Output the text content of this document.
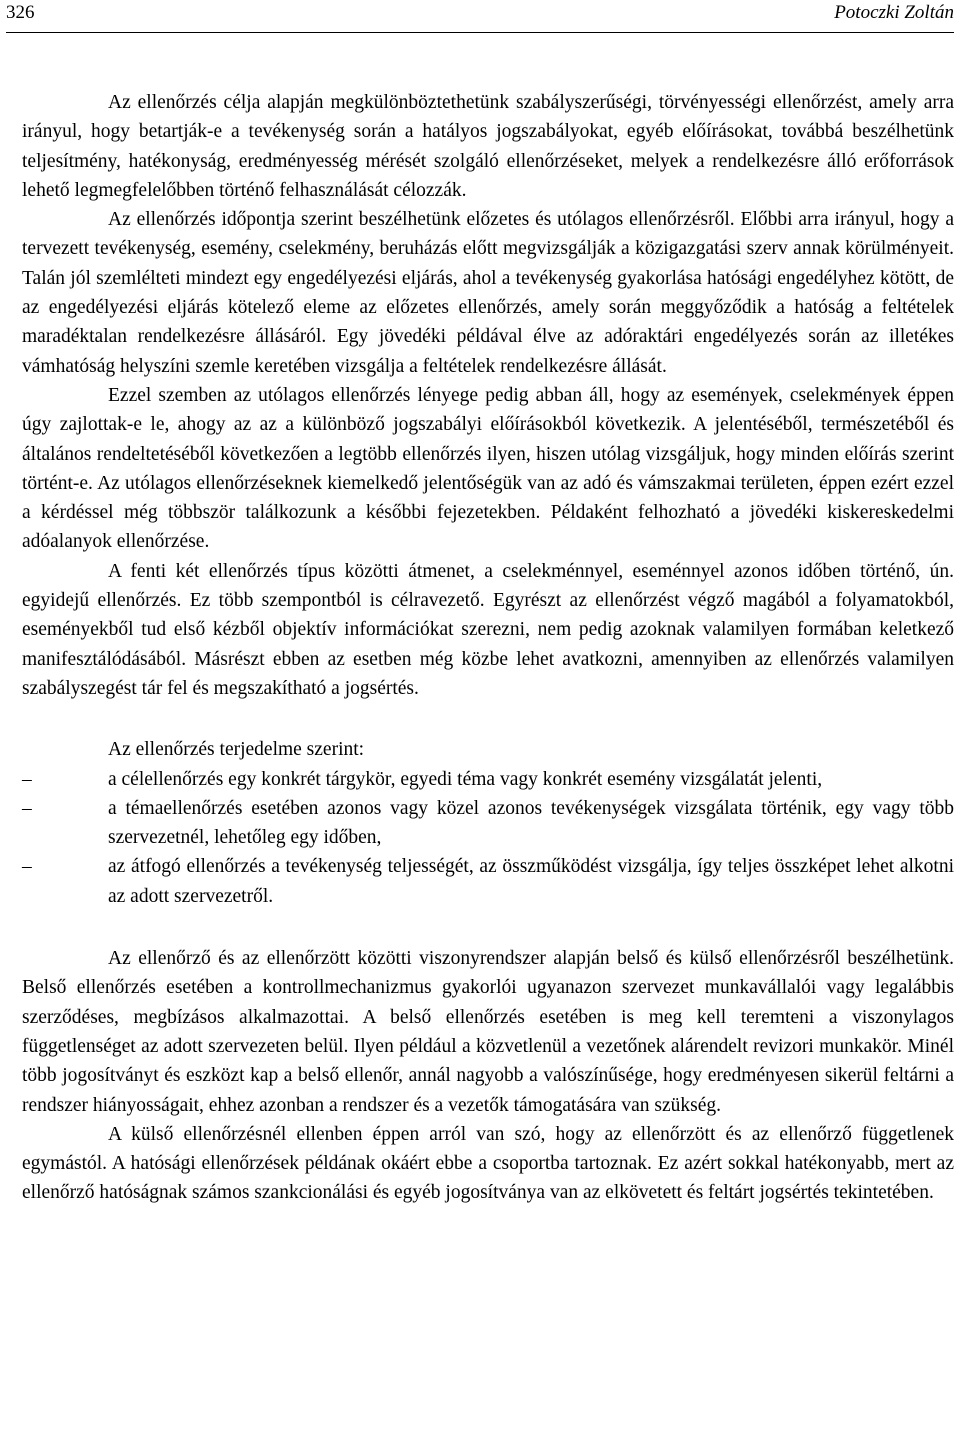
326	Potoczki Zoltán

Az ellenőrzés célja alapján megkülönböztethetünk szabályszerűségi, törvényességi ellenőrzést, amely arra irányul, hogy betartják-e a tevékenység során a hatályos jogszabályokat, egyéb előírásokat, továbbá beszélhetünk teljesítmény, hatékonyság, eredményesség mérését szolgáló ellenőrzéseket, melyek a rendelkezésre álló erőforrások lehető legmegfelelőbben történő felhasználását célozzák.

Az ellenőrzés időpontja szerint beszélhetünk előzetes és utólagos ellenőrzésről. Előbbi arra irányul, hogy a tervezett tevékenység, esemény, cselekmény, beruházás előtt megvizsgálják a közigazgatási szerv annak körülményeit. Talán jól szemlélteti mindezt egy engedélyezési eljárás, ahol a tevékenység gyakorlása hatósági engedélyhez kötött, de az engedélyezési eljárás kötelező eleme az előzetes ellenőrzés, amely során meggyőződik a hatóság a feltételek maradéktalan rendelkezésre állásáról. Egy jövedéki példával élve az adóraktári engedélyezés során az illetékes vámhatóság helyszíni szemle keretében vizsgálja a feltételek rendelkezésre állását.

Ezzel szemben az utólagos ellenőrzés lényege pedig abban áll, hogy az események, cselekmények éppen úgy zajlottak-e le, ahogy az az a különböző jogszabályi előírásokból következik. A jelentéséből, természetéből és általános rendeltetéséből következően a legtöbb ellenőrzés ilyen, hiszen utólag vizsgáljuk, hogy minden előírás szerint történt-e. Az utólagos ellenőrzéseknek kiemelkedő jelentőségük van az adó és vámszakmai területen, éppen ezért ezzel a kérdéssel még többször találkozunk a későbbi fejezetekben. Példaként felhozható a jövedéki kiskereskedelmi adóalanyok ellenőrzése.

A fenti két ellenőrzés típus közötti átmenet, a cselekménnyel, eseménnyel azonos időben történő, ún. egyidejű ellenőrzés. Ez több szempontból is célravezető. Egyrészt az ellenőrzést végző magából a folyamatokból, eseményekből tud első kézből objektív információkat szerezni, nem pedig azoknak valamilyen formában keletkező manifesztálódásából. Másrészt ebben az esetben még közbe lehet avatkozni, amennyiben az ellenőrzés valamilyen szabályszegést tár fel és megszakítható a jogsértés.

Az ellenőrzés terjedelme szerint:

–	a célellenőrzés egy konkrét tárgykör, egyedi téma vagy konkrét esemény vizsgálatát jelenti,
–	a témaellenőrzés esetében azonos vagy közel azonos tevékenységek vizsgálata történik, egy vagy több szervezetnél, lehetőleg egy időben,
–	az átfogó ellenőrzés a tevékenység teljességét, az összműködést vizsgálja, így teljes összképet lehet alkotni az adott szervezetről.

Az ellenőrző és az ellenőrzött közötti viszonyrendszer alapján belső és külső ellenőrzésről beszélhetünk. Belső ellenőrzés esetében a kontrollmechanizmus gyakorlói ugyanazon szervezet munkavállalói vagy legalábbis szerződéses, megbízásos alkalmazottai. A belső ellenőrzés esetében is meg kell teremteni a viszonylagos függetlenséget az adott szervezeten belül. Ilyen például a közvetlenül a vezetőnek alárendelt revizori munkakör. Minél több jogosítványt és eszközt kap a belső ellenőr, annál nagyobb a valószínűsége, hogy eredményesen sikerül feltárni a rendszer hiányosságait, ehhez azonban a rendszer és a vezetők támogatására van szükség.

A külső ellenőrzésnél ellenben éppen arról van szó, hogy az ellenőrzött és az ellenőrző függetlenek egymástól. A hatósági ellenőrzések példának okáért ebbe a csoportba tartoznak. Ez azért sokkal hatékonyabb, mert az ellenőrző hatóságnak számos szankcionálási és egyéb jogosítványa van az elkövetett és feltárt jogsértés tekintetében.
